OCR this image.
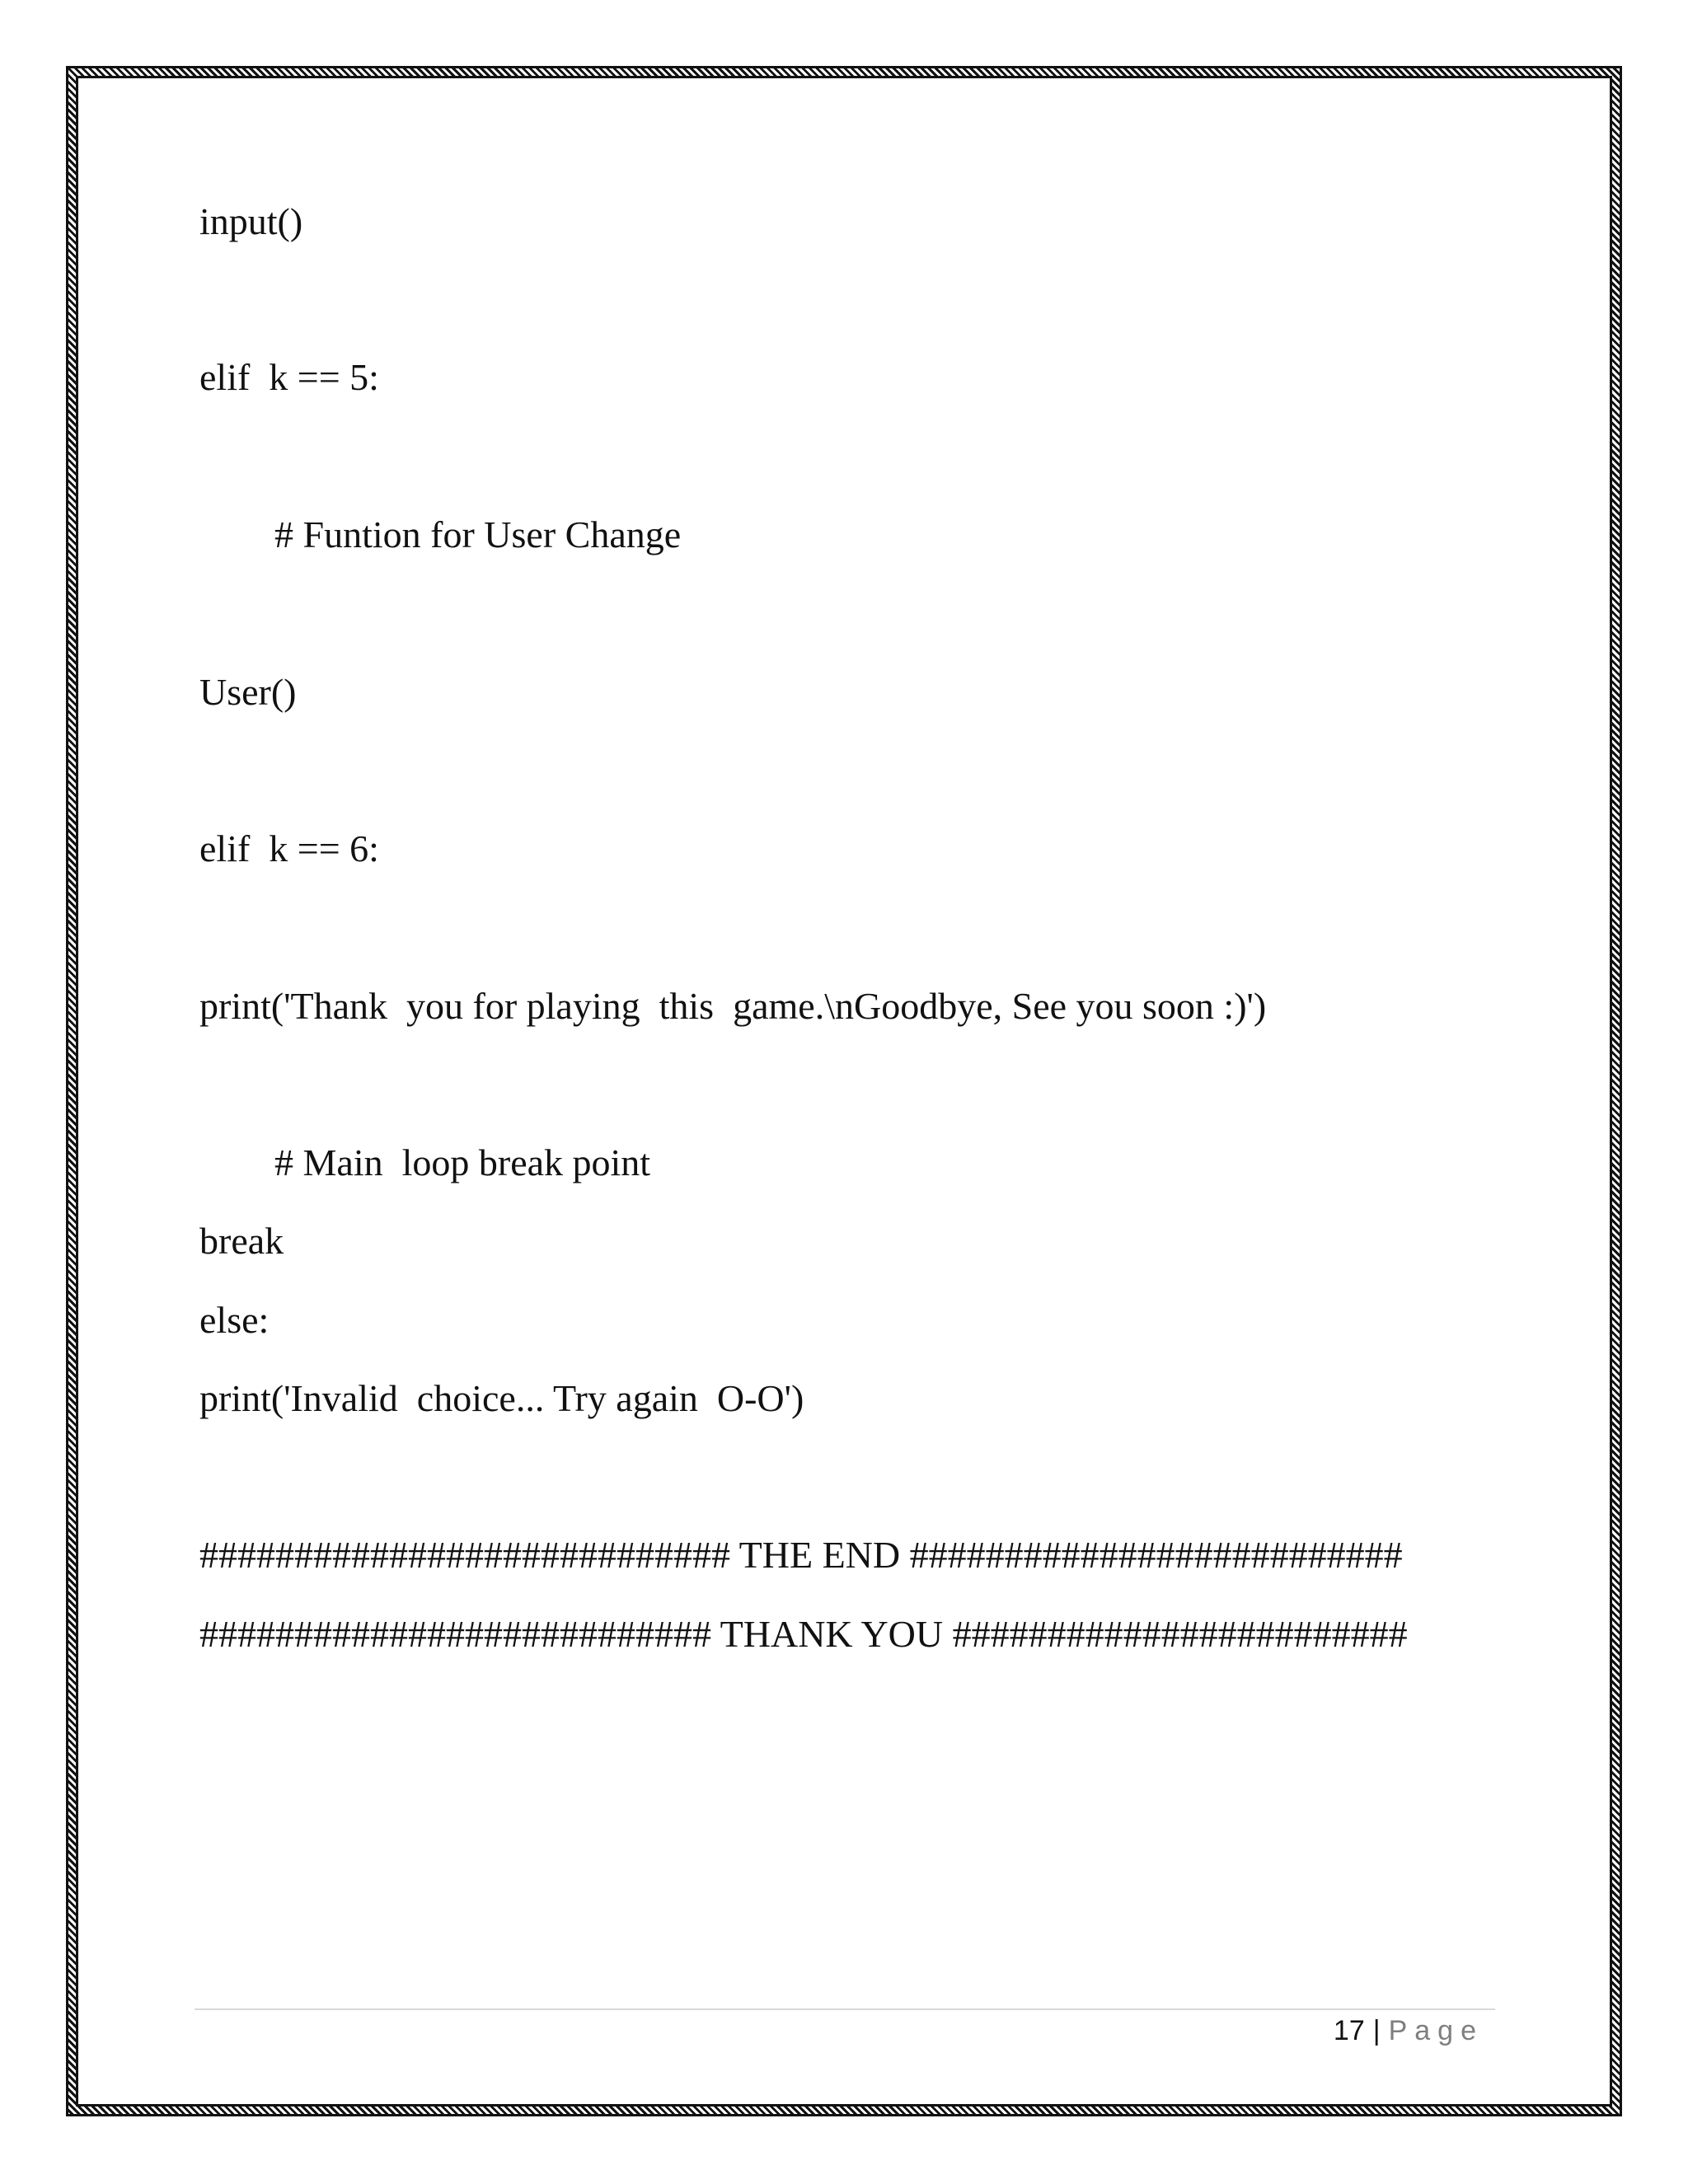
input()

elif  k == 5:

# Funtion for User Change

User()

elif  k == 6:

print('Thank  you for playing  this  game.\nGoodbye, See you soon :)')

# Main  loop break point

break

else:

print('Invalid  choice... Try again  O-O')

############################ THE END ##########################

########################### THANK YOU ########################

17 | Page
